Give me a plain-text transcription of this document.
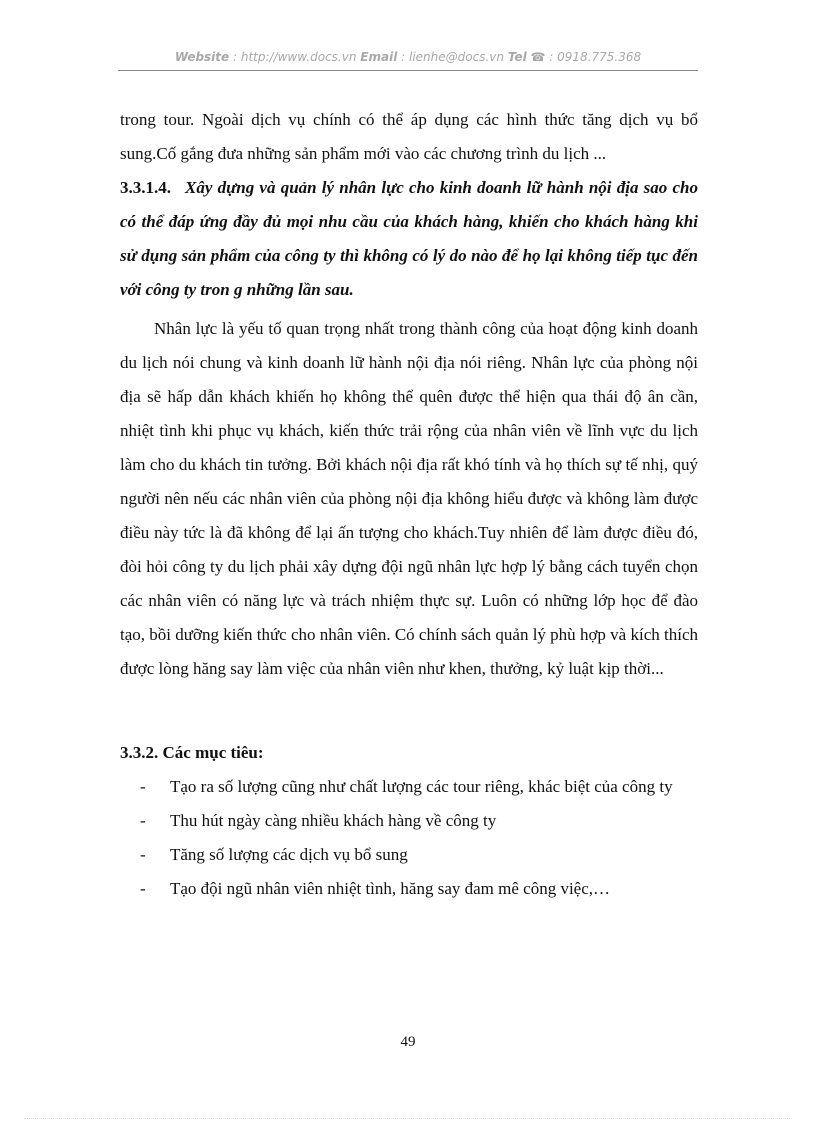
Website : http://www.docs.vn Email : lienhe@docs.vn Tel ☎ : 0918.775.368
trong tour. Ngoài dịch vụ chính có thể áp dụng các hình thức tăng dịch vụ bổ sung.Cố gắng đưa những sản phẩm mới vào các chương trình du lịch ...
3.3.1.4. Xây dựng và quản lý nhân lực cho kinh doanh lữ hành nội địa sao cho có thể đáp ứng đầy đủ mọi nhu cầu của khách hàng, khiến cho khách hàng khi sử dụng sản phẩm của công ty thì không có lý do nào để họ lại không tiếp tục đến với công ty tron g những lần sau.
Nhân lực là yếu tố quan trọng nhất trong thành công của hoạt động kinh doanh du lịch nói chung và kinh doanh lữ hành nội địa nói riêng. Nhân lực của phòng nội địa sẽ hấp dẫn khách khiến họ không thể quên được thể hiện qua thái độ ân cần, nhiệt tình khi phục vụ khách, kiến thức trải rộng của nhân viên về lĩnh vực du lịch làm cho du khách tin tưởng. Bởi khách nội địa rất khó tính và họ thích sự tế nhị, quý người nên nếu các nhân viên của phòng nội địa không hiểu được và không làm được điều này tức là đã không để lại ấn tượng cho khách.Tuy nhiên để làm được điều đó, đòi hỏi công ty du lịch phải xây dựng đội ngũ nhân lực hợp lý bằng cách tuyển chọn các nhân viên có năng lực và trách nhiệm thực sự. Luôn có những lớp học để đào tạo, bồi dưỡng kiến thức cho nhân viên. Có chính sách quản lý phù hợp và kích thích được lòng hăng say làm việc của nhân viên như khen, thưởng, kỷ luật kịp thời...
3.3.2. Các mục tiêu:
- Tạo ra số lượng cũng như chất lượng các tour riêng, khác biệt của công ty
- Thu hút ngày càng nhiều khách hàng về công ty
- Tăng số lượng các dịch vụ bổ sung
- Tạo đội ngũ nhân viên nhiệt tình, hăng say đam mê công việc,…
49
